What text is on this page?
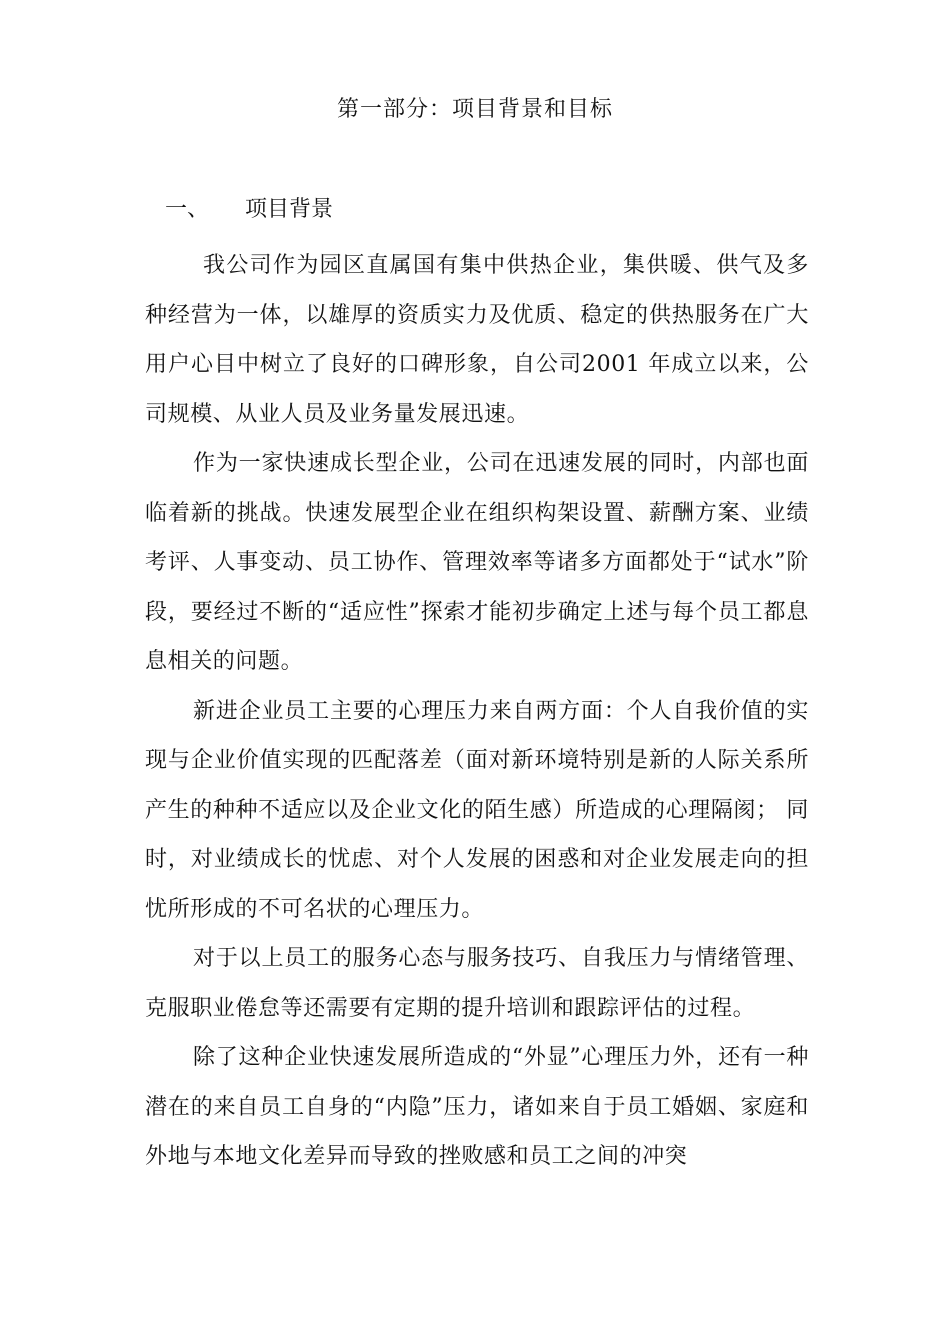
第一部分：项目背景和目标
一、 项目背景

我公司作为园区直属国有集中供热企业，集供暖、供气及多种经营为一体，以雄厚的资质实力及优质、稳定的供热服务在广大用户心目中树立了良好的口碑形象，自公司2001 年成立以来，公司规模、从业人员及业务量发展迅速。

作为一家快速成长型企业，公司在迅速发展的同时，内部也面临着新的挑战。快速发展型企业在组织构架设置、薪酬方案、业绩考评、人事变动、员工协作、管理效率等诸多方面都处于“试水”阶段，要经过不断的“适应性”探索才能初步确定上述与每个员工都息息相关的问题。

新进企业员工主要的心理压力来自两方面：个人自我价值的实现与企业价值实现的匹配落差（面对新环境特别是新的人际关系所产生的种种不适应以及企业文化的陌生感）所造成的心理隔阂； 同时，对业绩成长的忧虑、对个人发展的困惑和对企业发展走向的担忧所形成的不可名状的心理压力。

对于以上员工的服务心态与服务技巧、自我压力与情绪管理、克服职业倦怠等还需要有定期的提升培训和跟踪评估的过程。

除了这种企业快速发展所造成的“外显”心理压力外，还有一种潜在的来自员工自身的“内隐”压力，诸如来自于员工婚姻、家庭和外地与本地文化差异而导致的挫败感和员工之间的冲突
